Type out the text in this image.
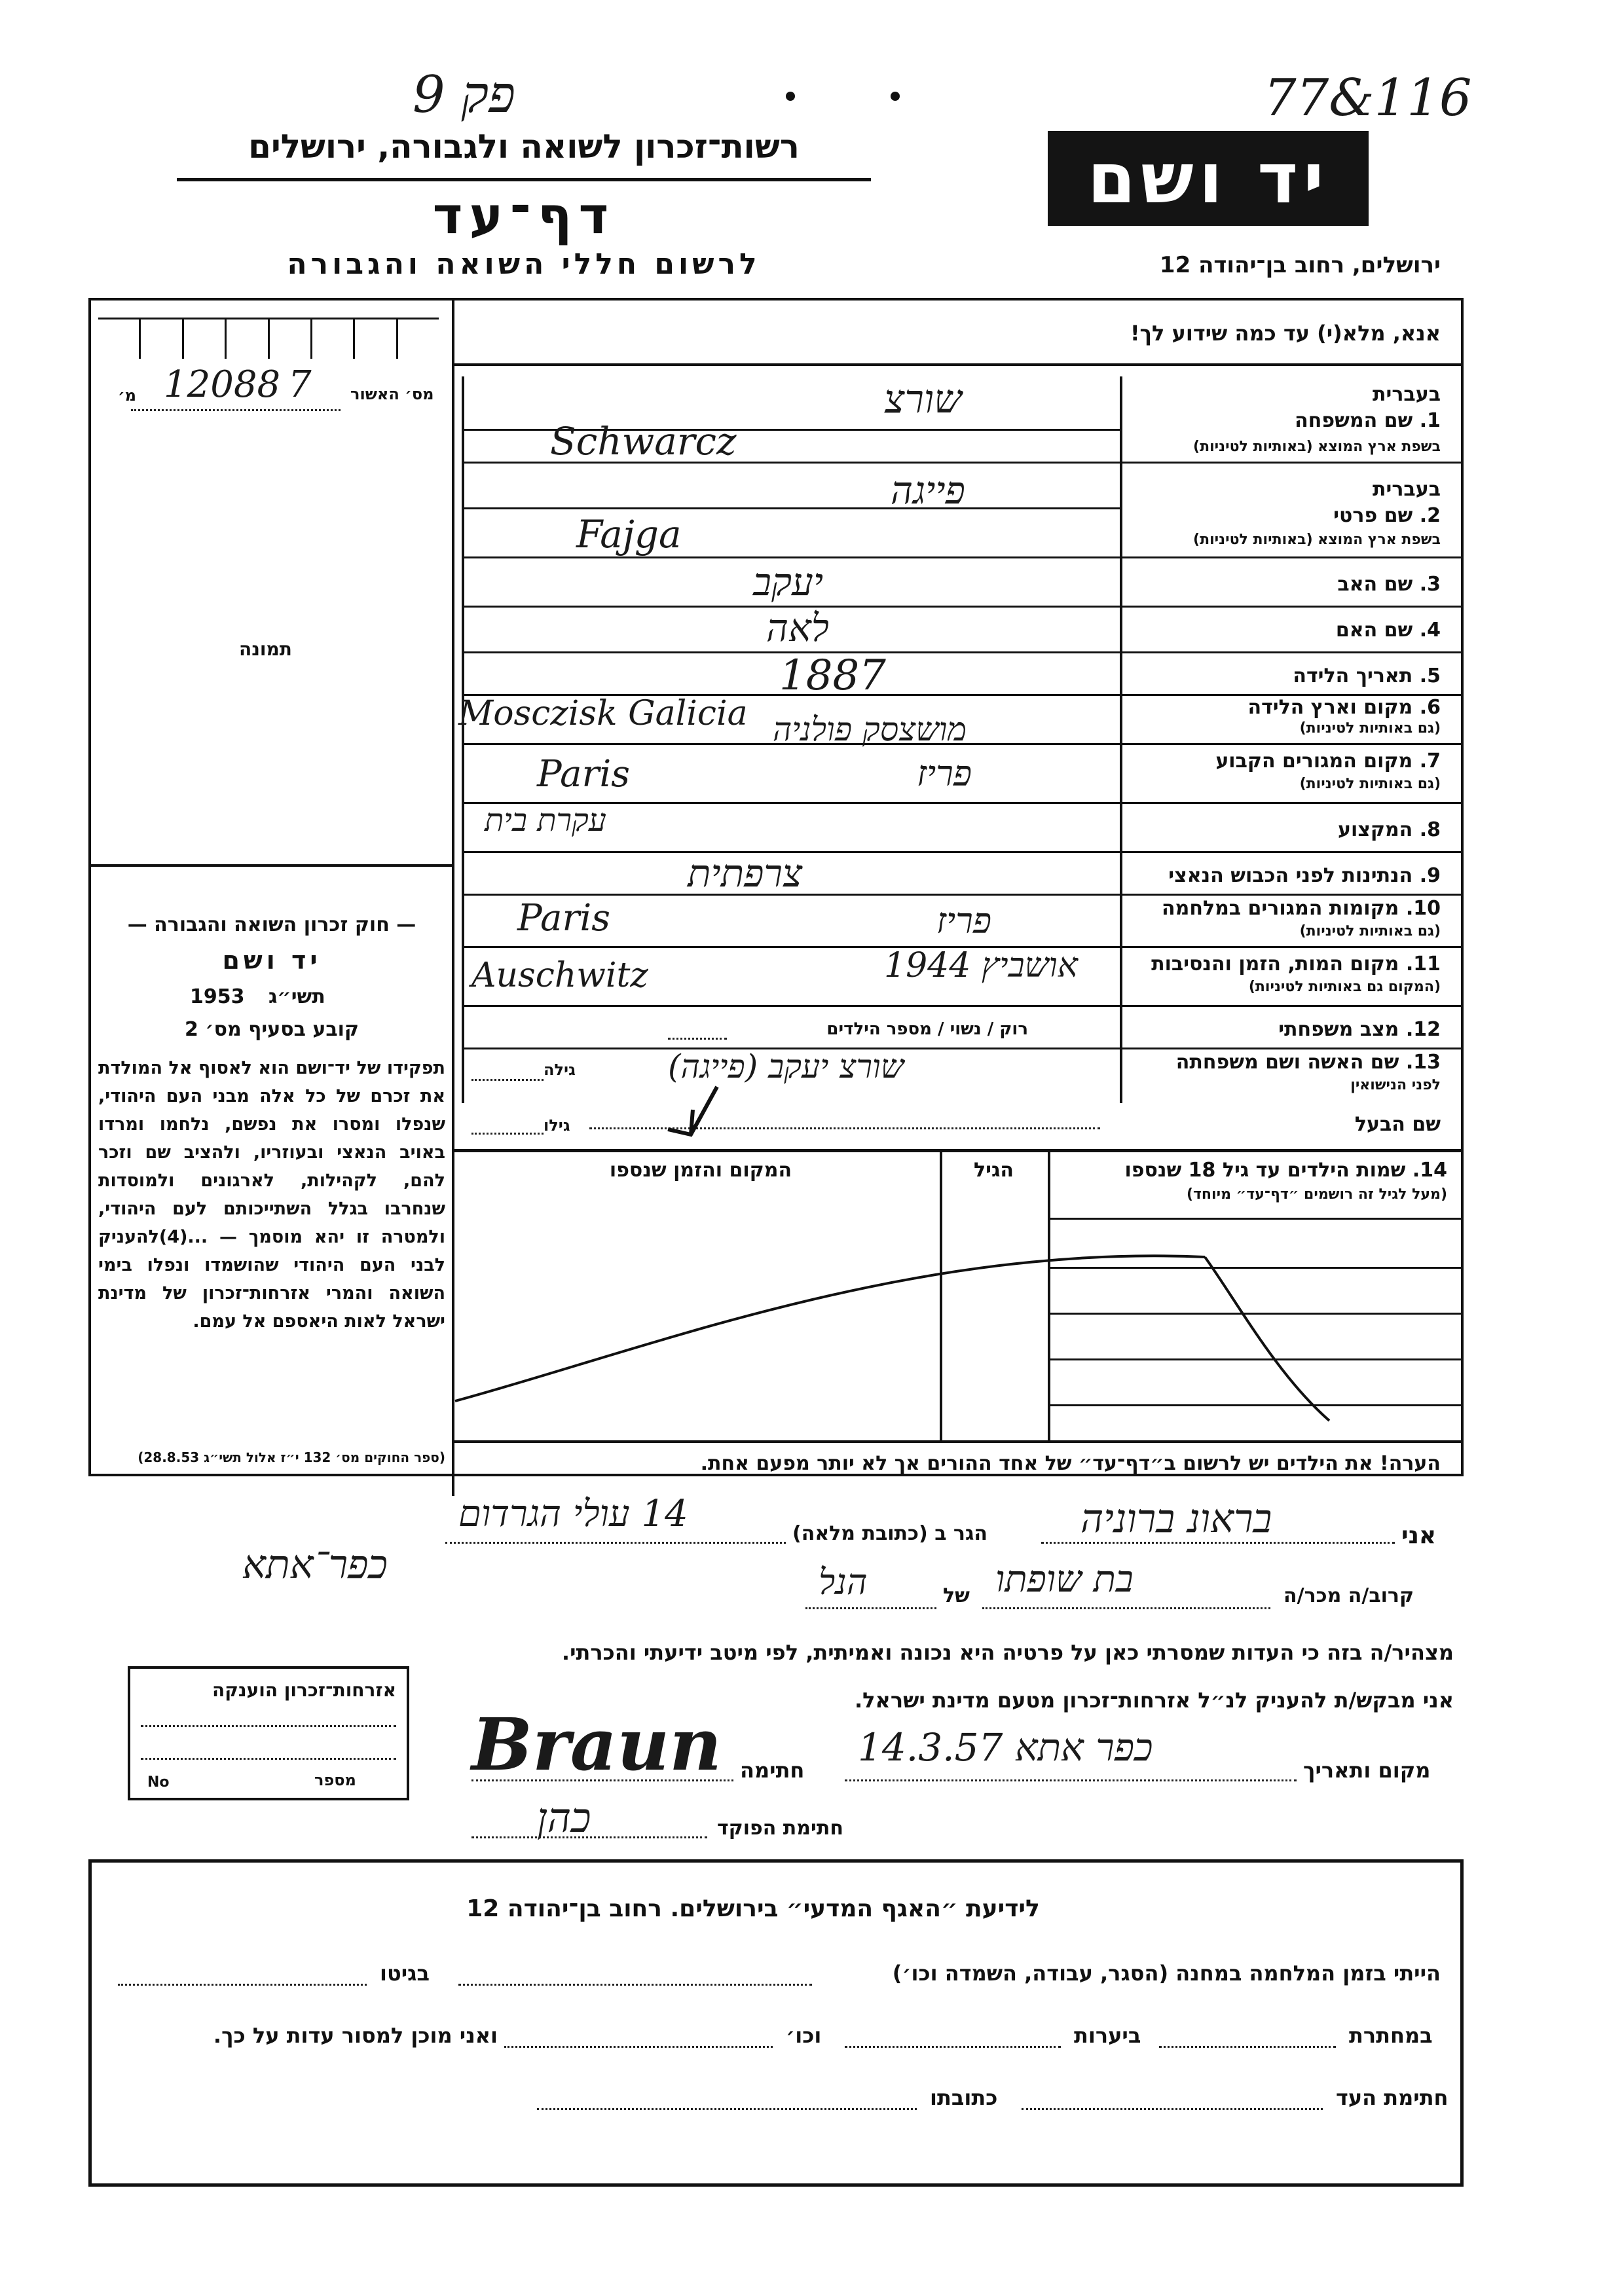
פק 9	77&116
רשות־זכרון לשואה ולגבורה, ירושלים
דף־עד
לרשום חללי השואה והגבורה
יד ושם
ירושלים, רחוב בן־יהודה 12
אנא, מלא(י) עד כמה שידוע לך!
מס׳ האשור
מ׳ 12088 7
תמונה
בעברית
1. שם המשפחה
בשפת ארץ המוצא (באותיות לטיניות)
שורצ
Schwarcz
בעברית
2. שם פרטי
בשפת ארץ המוצא (באותיות לטיניות)
פייגה
Fajga
3. שם האב
יעקב
4. שם האם
לאה
5. תאריך הלידה
1887
6. מקום וארץ הלידה
(גם באותיות לטיניות)
מושצסק פולניה
Mosczisk Galicia
7. מקום המגורים הקבוע
(גם באותיות לטיניות)
פריז
Paris
8. המקצוע
עקרת בית
9. הנתינות לפני הכבוש הנאצי
צרפתית
10. מקומות המגורים במלחמה
(גם באותיות לטיניות)
פריז
Paris
11. מקום המות, הזמן והנסיבות
(המקום גם באותיות לטיניות)
אושביץ 1944
Auschwitz
12. מצב משפחתי
רוק / נשוי / מספר הילדים
13. שם האשה ושם משפחתה
לפני הנישואין
שורצ יעקב (פייגה)
גילה
שם הבעל
גילו
14. שמות הילדים עד גיל 18 שנספו
(מעל לגיל זה רושמים ״דף־עד״ מיוחד)
הגיל
המקום והזמן שנספו
הערה! את הילדים יש לרשום ב״דף־עד״ של אחד ההורים אך לא יותר מפעם אחת.
— חוק זכרון השואה והגבורה —
יד ושם
1953 תשי״ג
קובע בסעיף מס׳ 2
תפקידו של יד־ושם הוא לאסוף אל המולדת את זכרם של כל אלה מבני העם היהודי, שנפלו ומסרו את נפשם, נלחמו ומרדו באויב הנאצי ובעוזריו, ולהציב שם וזכר להם, לקהילות, לארגונים ולמוסדות שנחרבו בגלל השתייכותם לעם היהודי, ולמטרה זו יהא מוסמך — ...(4)להעניק לבני העם היהודי שהושמדו ונפלו בימי השואה והמרי אזרחות־זכרון של מדינת ישראל לאות היאספם אל עמם.
(ספר החוקים מס׳ 132 י״ז אלול תשי״ג 28.8.53)
אני
בראונ ברוניה
הגר ב (כתובת מלאה)
14 עולי הגרדום
כפר־אתא
קרוב/ה מכר/ה
בת שופתו
של
הנל
מצהיר/ה בזה כי העדות שמסרתי כאן על פרטיה היא נכונה ואמיתית, לפי מיטב ידיעתי והכרתי.
אני מבקש/ת להעניק לנ״ל אזרחות־זכרון מטעם מדינת ישראל.
מקום ותאריך
כפר אתא 14.3.57
חתימה
Braun
חתימת הפוקד
כהן
אזרחות־זכרון הוענקה
מספר
No
לידיעת ״האגף המדעי״ בירושלים. רחוב בן־יהודה 12
הייתי בזמן המלחמה במחנה (הסגר, עבודה, השמדה וכו׳)
בגיטו
במחתרת
ביערות
וכו׳
ואני מוכן למסור עדות על כך.
חתימת העד
כתובתו
